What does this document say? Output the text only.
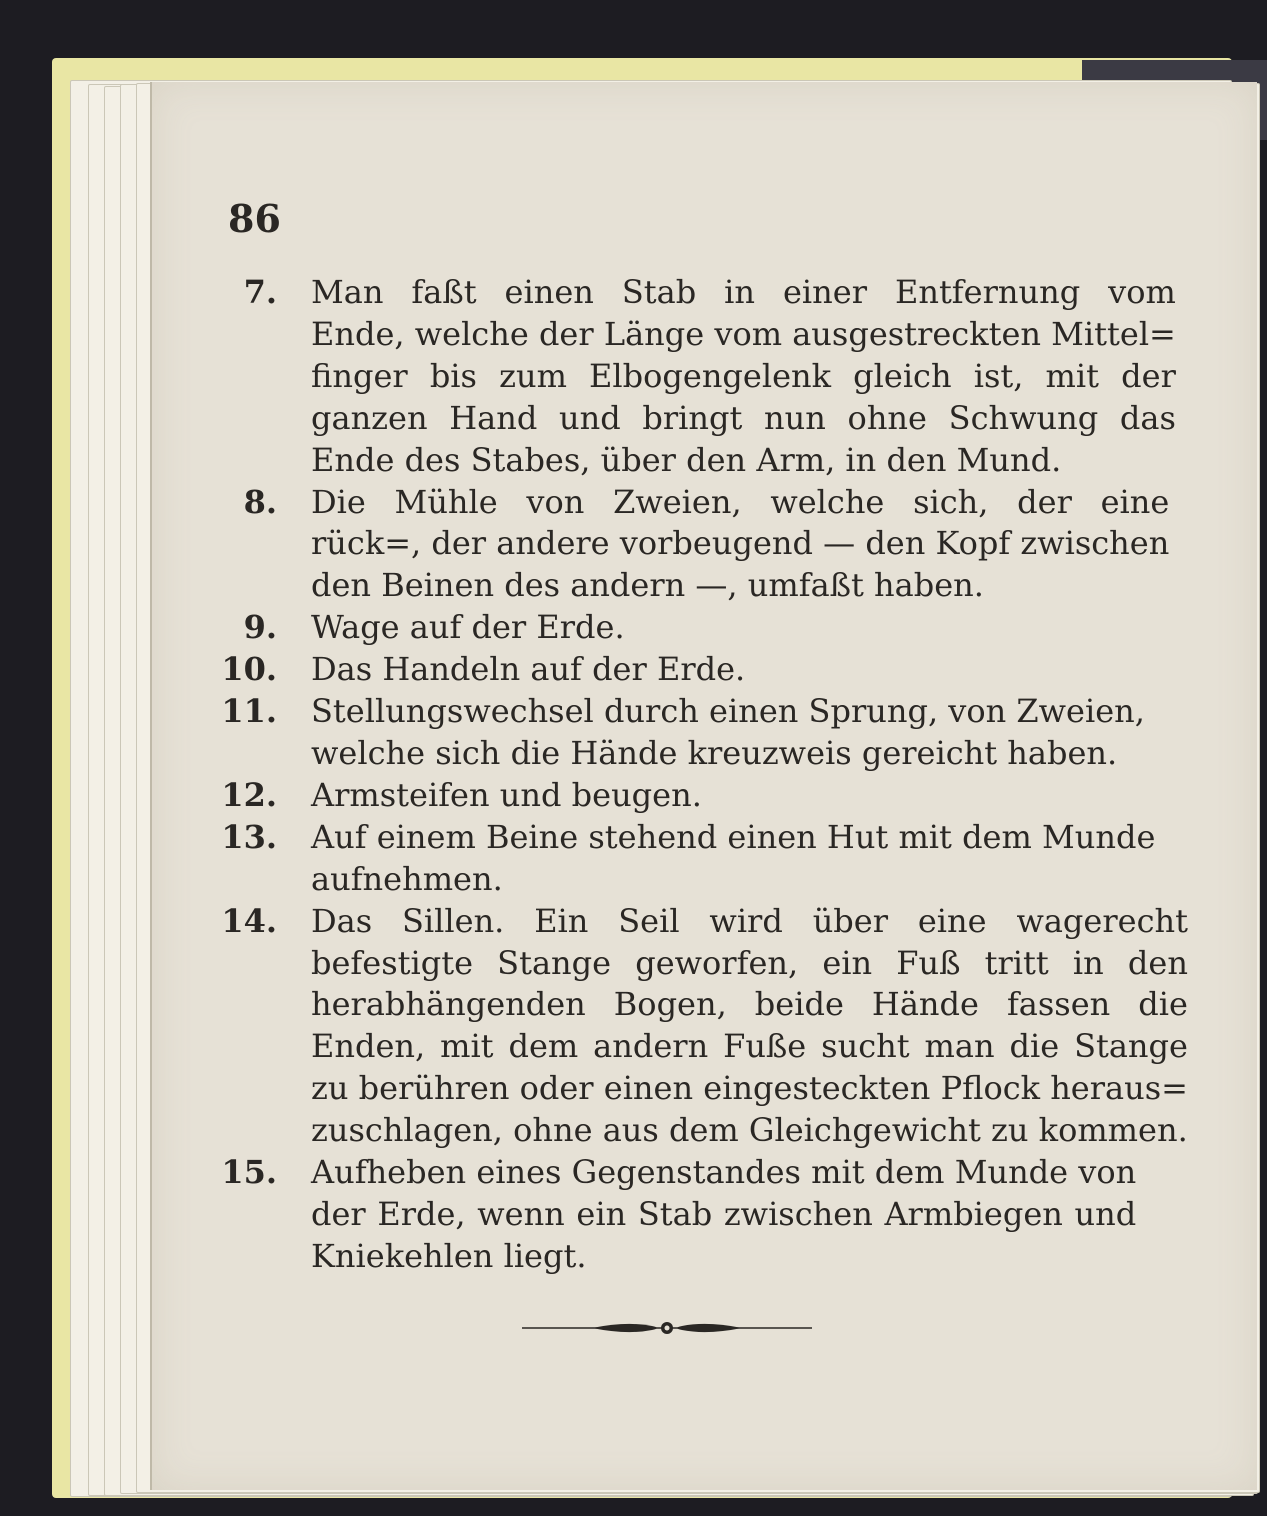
86
7.	Man faßt einen Stab in einer Entfernung vom
Ende, welche der Länge vom ausgestreckten Mittel=
finger bis zum Elbogengelenk gleich ist, mit der
ganzen Hand und bringt nun ohne Schwung das
Ende des Stabes, über den Arm, in den Mund.
8.	Die Mühle von Zweien, welche sich, der eine
rück=, der andere vorbeugend — den Kopf zwischen
den Beinen des andern —, umfaßt haben.
9.	Wage auf der Erde.
10.	Das Handeln auf der Erde.
11.	Stellungswechsel durch einen Sprung, von Zweien,
welche sich die Hände kreuzweis gereicht haben.
12.	Armsteifen und beugen.
13.	Auf einem Beine stehend einen Hut mit dem Munde
aufnehmen.
14.	Das Sillen. Ein Seil wird über eine wagerecht
befestigte Stange geworfen, ein Fuß tritt in den
herabhängenden Bogen, beide Hände fassen die
Enden, mit dem andern Fuße sucht man die Stange
zu berühren oder einen eingesteckten Pflock heraus=
zuschlagen, ohne aus dem Gleichgewicht zu kommen.
15.	Aufheben eines Gegenstandes mit dem Munde von
der Erde, wenn ein Stab zwischen Armbiegen und
Kniekehlen liegt.
